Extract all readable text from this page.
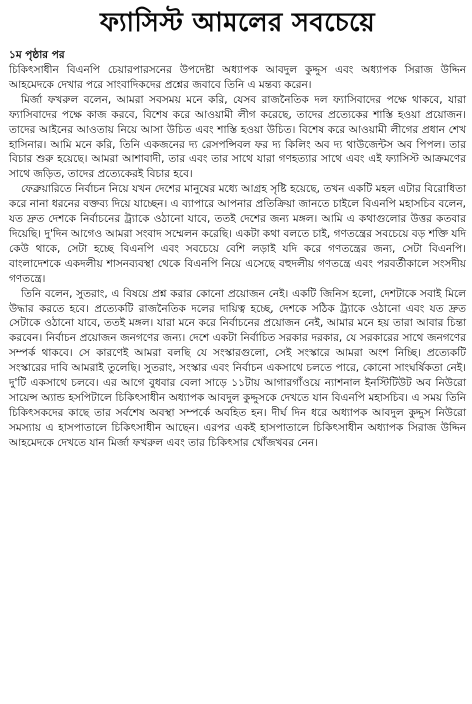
ফ্যাসিস্ট আমলের সবচেয়ে
১ম পৃষ্ঠার পর

চিকিৎসাধীন বিএনপি চেয়ারপারসনের উপদেষ্টা অধ্যাপক আবদুল কুদ্দুস এবং অধ্যাপক সিরাজ উদ্দিন আহমেদকে দেখার পরে সাংবাদিকদের প্রশ্নের জবাবে তিনি এ মন্তব্য করেন।

মির্জা ফখরুল বলেন, আমরা সবসময় মনে করি, যেসব রাজনৈতিক দল ফ্যাসিবাদের পক্ষে থাকবে, যারা ফ্যাসিবাদের পক্ষে কাজ করবে, বিশেষ করে আওয়ামী লীগ করেছে, তাদের প্রত্যেকের শাস্তি হওয়া প্রয়োজন। তাদের আইনের আওতায় নিয়ে আসা উচিত এবং শাস্তি হওয়া উচিত। বিশেষ করে আওয়ামী লীগের প্রধান শেখ হাসিনার। আমি মনে করি, তিনি একজনের দ্য রেসপন্সিবল ফর দ্য কিলিং অব দ্য থাউজেন্টস অব পিপল। তার বিচার শুরু হয়েছে। আমরা আশাবাদী, তার এবং তার সাথে যারা গণহত্যার সাথে এবং এই ফ্যাসিস্ট আক্রমণের সাথে জড়িত, তাদের প্রত্যেকেরই বিচার হবে।

ফেব্রুয়ারিতে নির্বাচন নিয়ে যখন দেশের মানুষের মধ্যে আগ্রহ সৃষ্টি হয়েছে, তখন একটি মহল এটার বিরোধিতা করে নানা ধরনের বক্তব্য দিয়ে যাচ্ছেন। এ ব্যাপারে আপনার প্রতিক্রিয়া জানতে চাইলে বিএনপি মহাসচিব বলেন, যত দ্রুত দেশকে নির্বাচনের ট্র্যাকে ওঠানো যাবে, ততই দেশের জন্য মঙ্গল। আমি এ কথাগুলোর উত্তর কতবার দিয়েছি। দু'দিন আগেও আমরা সংবাদ সম্মেলন করেছি। একটা কথা বলতে চাই, গণতন্ত্রের সবচেয়ে বড় শক্তি যদি কেউ থাকে, সেটা হচ্ছে বিএনপি এবং সবচেয়ে বেশি লড়াই যদি করে গণতন্ত্রের জন্য, সেটা বিএনপি। বাংলাদেশকে একদলীয় শাসনব্যবস্থা থেকে বিএনপি নিয়ে এসেছে বহুদলীয় গণতন্ত্রে এবং পরবর্তীকালে সংসদীয় গণতন্ত্রে।

তিনি বলেন, সুতরাং, এ বিষয়ে প্রশ্ন করার কোনো প্রয়োজন নেই। একটি জিনিস হলো, দেশটাকে সবাই মিলে উদ্ধার করতে হবে। প্রত্যেকটি রাজনৈতিক দলের দায়িত্ব হচ্ছে, দেশকে সঠিক ট্র্যাকে ওঠানো এবং যত দ্রুত সেটাকে ওঠানো যাবে, ততই মঙ্গল। যারা মনে করে নির্বাচনের প্রয়োজন নেই, আমার মনে হয় তারা আবার চিন্তা করবেন। নির্বাচন প্রয়োজন জনগণের জন্য। দেশে একটা নির্বাচিত সরকার দরকার, যে সরকারের সাথে জনগণের সম্পর্ক থাকবে। সে কারণেই আমরা বলছি যে সংস্কারগুলো, সেই সংস্কারে আমরা অংশ নিচ্ছি। প্রত্যেকটি সংস্কারের দাবি আমরাই তুলেছি। সুতরাং, সংস্কার এবং নির্বাচন একসাথে চলতে পারে, কোনো সাংঘর্ষিকতা নেই। দু'টি একসাথে চলবে। এর আগে বুধবার বেলা সাড়ে ১১টায় আগারগাঁওয়ে ন্যাশনাল ইনস্টিটিউট অব নিউরো সায়েন্স অ্যান্ড হসপিটালে চিকিৎসাধীন অধ্যাপক আবদুল কুদ্দুসকে দেখতে যান বিএনপি মহাসচিব। এ সময় তিনি চিকিৎসকদের কাছে তার সর্বশেষ অবস্থা সম্পর্কে অবহিত হন। দীর্ঘ দিন ধরে অধ্যাপক আবদুল কুদ্দুস নিউরো সমস্যায় এ হাসপাতালে চিকিৎসাধীন আছেন। এরপর একই হাসপাতালে চিকিৎসাধীন অধ্যাপক সিরাজ উদ্দিন আহমেদকে দেখতে যান মির্জা ফখরুল এবং তার চিকিৎসার খোঁজখবর নেন।
